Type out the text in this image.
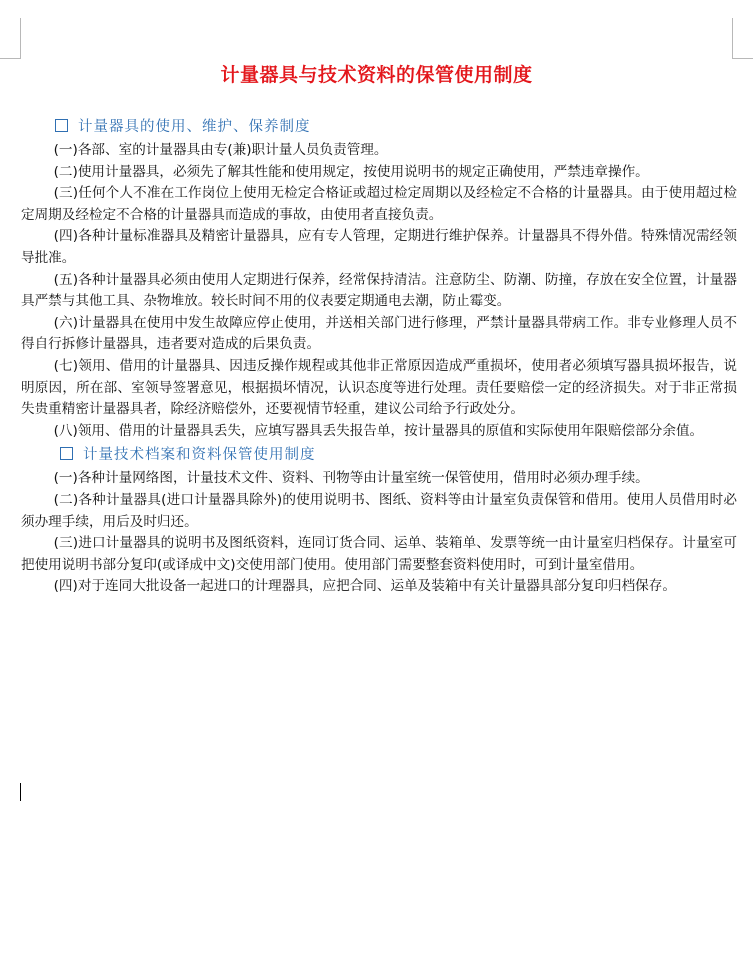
计量器具与技术资料的保管使用制度
计量器具的使用、维护、保养制度

(一)各部、室的计量器具由专(兼)职计量人员负责管理。

(二)使用计量器具，必须先了解其性能和使用规定，按使用说明书的规定正确使用，严禁违章操作。

(三)任何个人不准在工作岗位上使用无检定合格证或超过检定周期以及经检定不合格的计量器具。由于使用超过检定周期及经检定不合格的计量器具而造成的事故，由使用者直接负责。

(四)各种计量标准器具及精密计量器具，应有专人管理，定期进行维护保养。计量器具不得外借。特殊情况需经领导批准。

(五)各种计量器具必须由使用人定期进行保养，经常保持清洁。注意防尘、防潮、防撞，存放在安全位置，计量器具严禁与其他工具、杂物堆放。较长时间不用的仪表要定期通电去潮，防止霉变。

(六)计量器具在使用中发生故障应停止使用，并送相关部门进行修理，严禁计量器具带病工作。非专业修理人员不得自行拆修计量器具，违者要对造成的后果负责。

(七)领用、借用的计量器具、因违反操作规程或其他非正常原因造成严重损坏，使用者必须填写器具损坏报告，说明原因，所在部、室领导签署意见，根据损坏情况，认识态度等进行处理。责任要赔偿一定的经济损失。对于非正常损失贵重精密计量器具者，除经济赔偿外，还要视情节轻重，建议公司给予行政处分。

(八)领用、借用的计量器具丢失，应填写器具丢失报告单，按计量器具的原值和实际使用年限赔偿部分余值。

计量技术档案和资料保管使用制度

(一)各种计量网络图，计量技术文件、资料、刊物等由计量室统一保管使用，借用时必须办理手续。

(二)各种计量器具(进口计量器具除外)的使用说明书、图纸、资料等由计量室负责保管和借用。使用人员借用时必须办理手续，用后及时归还。

(三)进口计量器具的说明书及图纸资料，连同订货合同、运单、装箱单、发票等统一由计量室归档保存。计量室可把使用说明书部分复印(或译成中文)交使用部门使用。使用部门需要整套资料使用时，可到计量室借用。

(四)对于连同大批设备一起进口的计理器具，应把合同、运单及装箱中有关计量器具部分复印归档保存。
